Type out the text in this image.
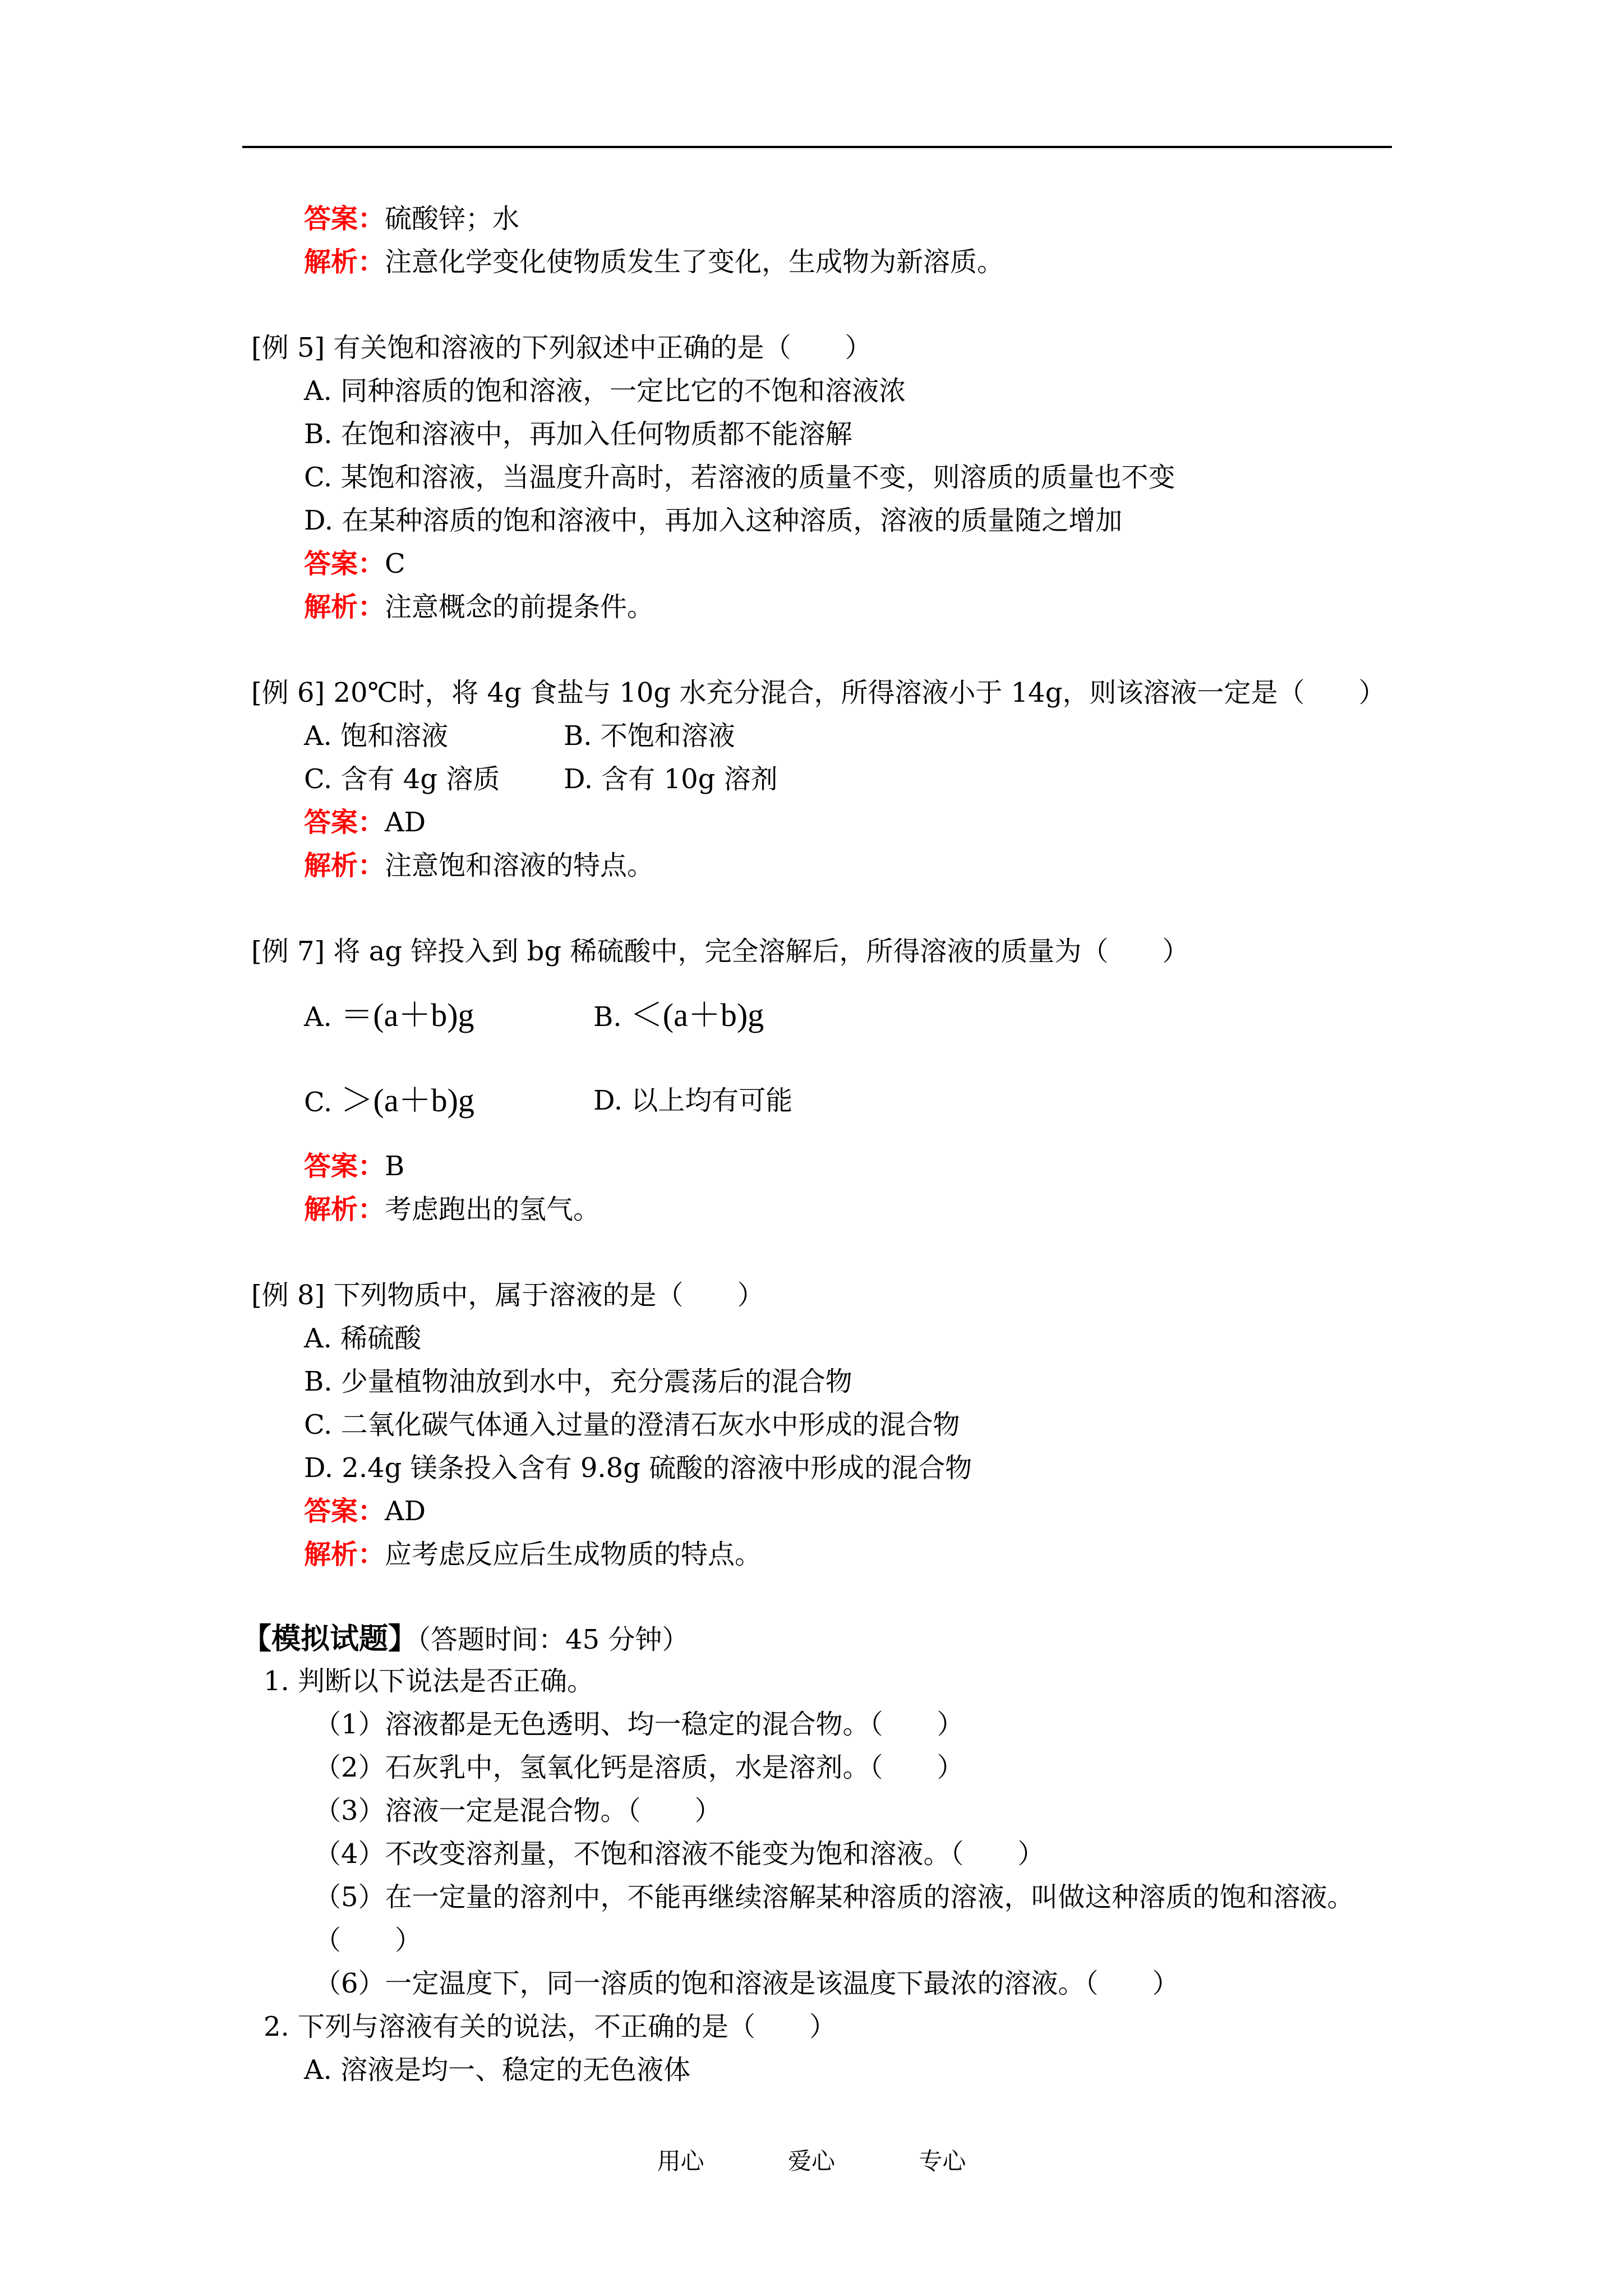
答案：硫酸锌；水
解析：注意化学变化使物质发生了变化，生成物为新溶质。
[例 5] 有关饱和溶液的下列叙述中正确的是（　　）
A. 同种溶质的饱和溶液，一定比它的不饱和溶液浓
B. 在饱和溶液中，再加入任何物质都不能溶解
C. 某饱和溶液，当温度升高时，若溶液的质量不变，则溶质的质量也不变
D. 在某种溶质的饱和溶液中，再加入这种溶质，溶液的质量随之增加
答案：C
解析：注意概念的前提条件。
[例 6] 20℃时，将 4g 食盐与 10g 水充分混合，所得溶液小于 14g，则该溶液一定是（　　）
A. 饱和溶液	B. 不饱和溶液
C. 含有 4g 溶质 D. 含有 10g 溶剂
答案：AD
解析：注意饱和溶液的特点。
[例 7] 将 ag 锌投入到 bg 稀硫酸中，完全溶解后，所得溶液的质量为（　　）
A. ＝(a＋b)g	B. ＜(a＋b)g
C. ＞(a＋b)g	D. 以上均有可能
答案：B
解析：考虑跑出的氢气。
[例 8] 下列物质中，属于溶液的是（　　）
A. 稀硫酸
B. 少量植物油放到水中，充分震荡后的混合物
C. 二氧化碳气体通入过量的澄清石灰水中形成的混合物
D. 2.4g 镁条投入含有 9.8g 硫酸的溶液中形成的混合物
答案：AD
解析：应考虑反应后生成物质的特点。
【模拟试题】（答题时间：45 分钟）
1. 判断以下说法是否正确。
（1）溶液都是无色透明、均一稳定的混合物。（　　）
（2）石灰乳中，氢氧化钙是溶质，水是溶剂。（　　）
（3）溶液一定是混合物。（　　）
（4）不改变溶剂量，不饱和溶液不能变为饱和溶液。（　　）
（5）在一定量的溶剂中，不能再继续溶解某种溶质的溶液，叫做这种溶质的饱和溶液。
（　　）
（6）一定温度下，同一溶质的饱和溶液是该温度下最浓的溶液。（　　）
2. 下列与溶液有关的说法，不正确的是（　　）
A. 溶液是均一、稳定的无色液体
用心	爱心	专心
